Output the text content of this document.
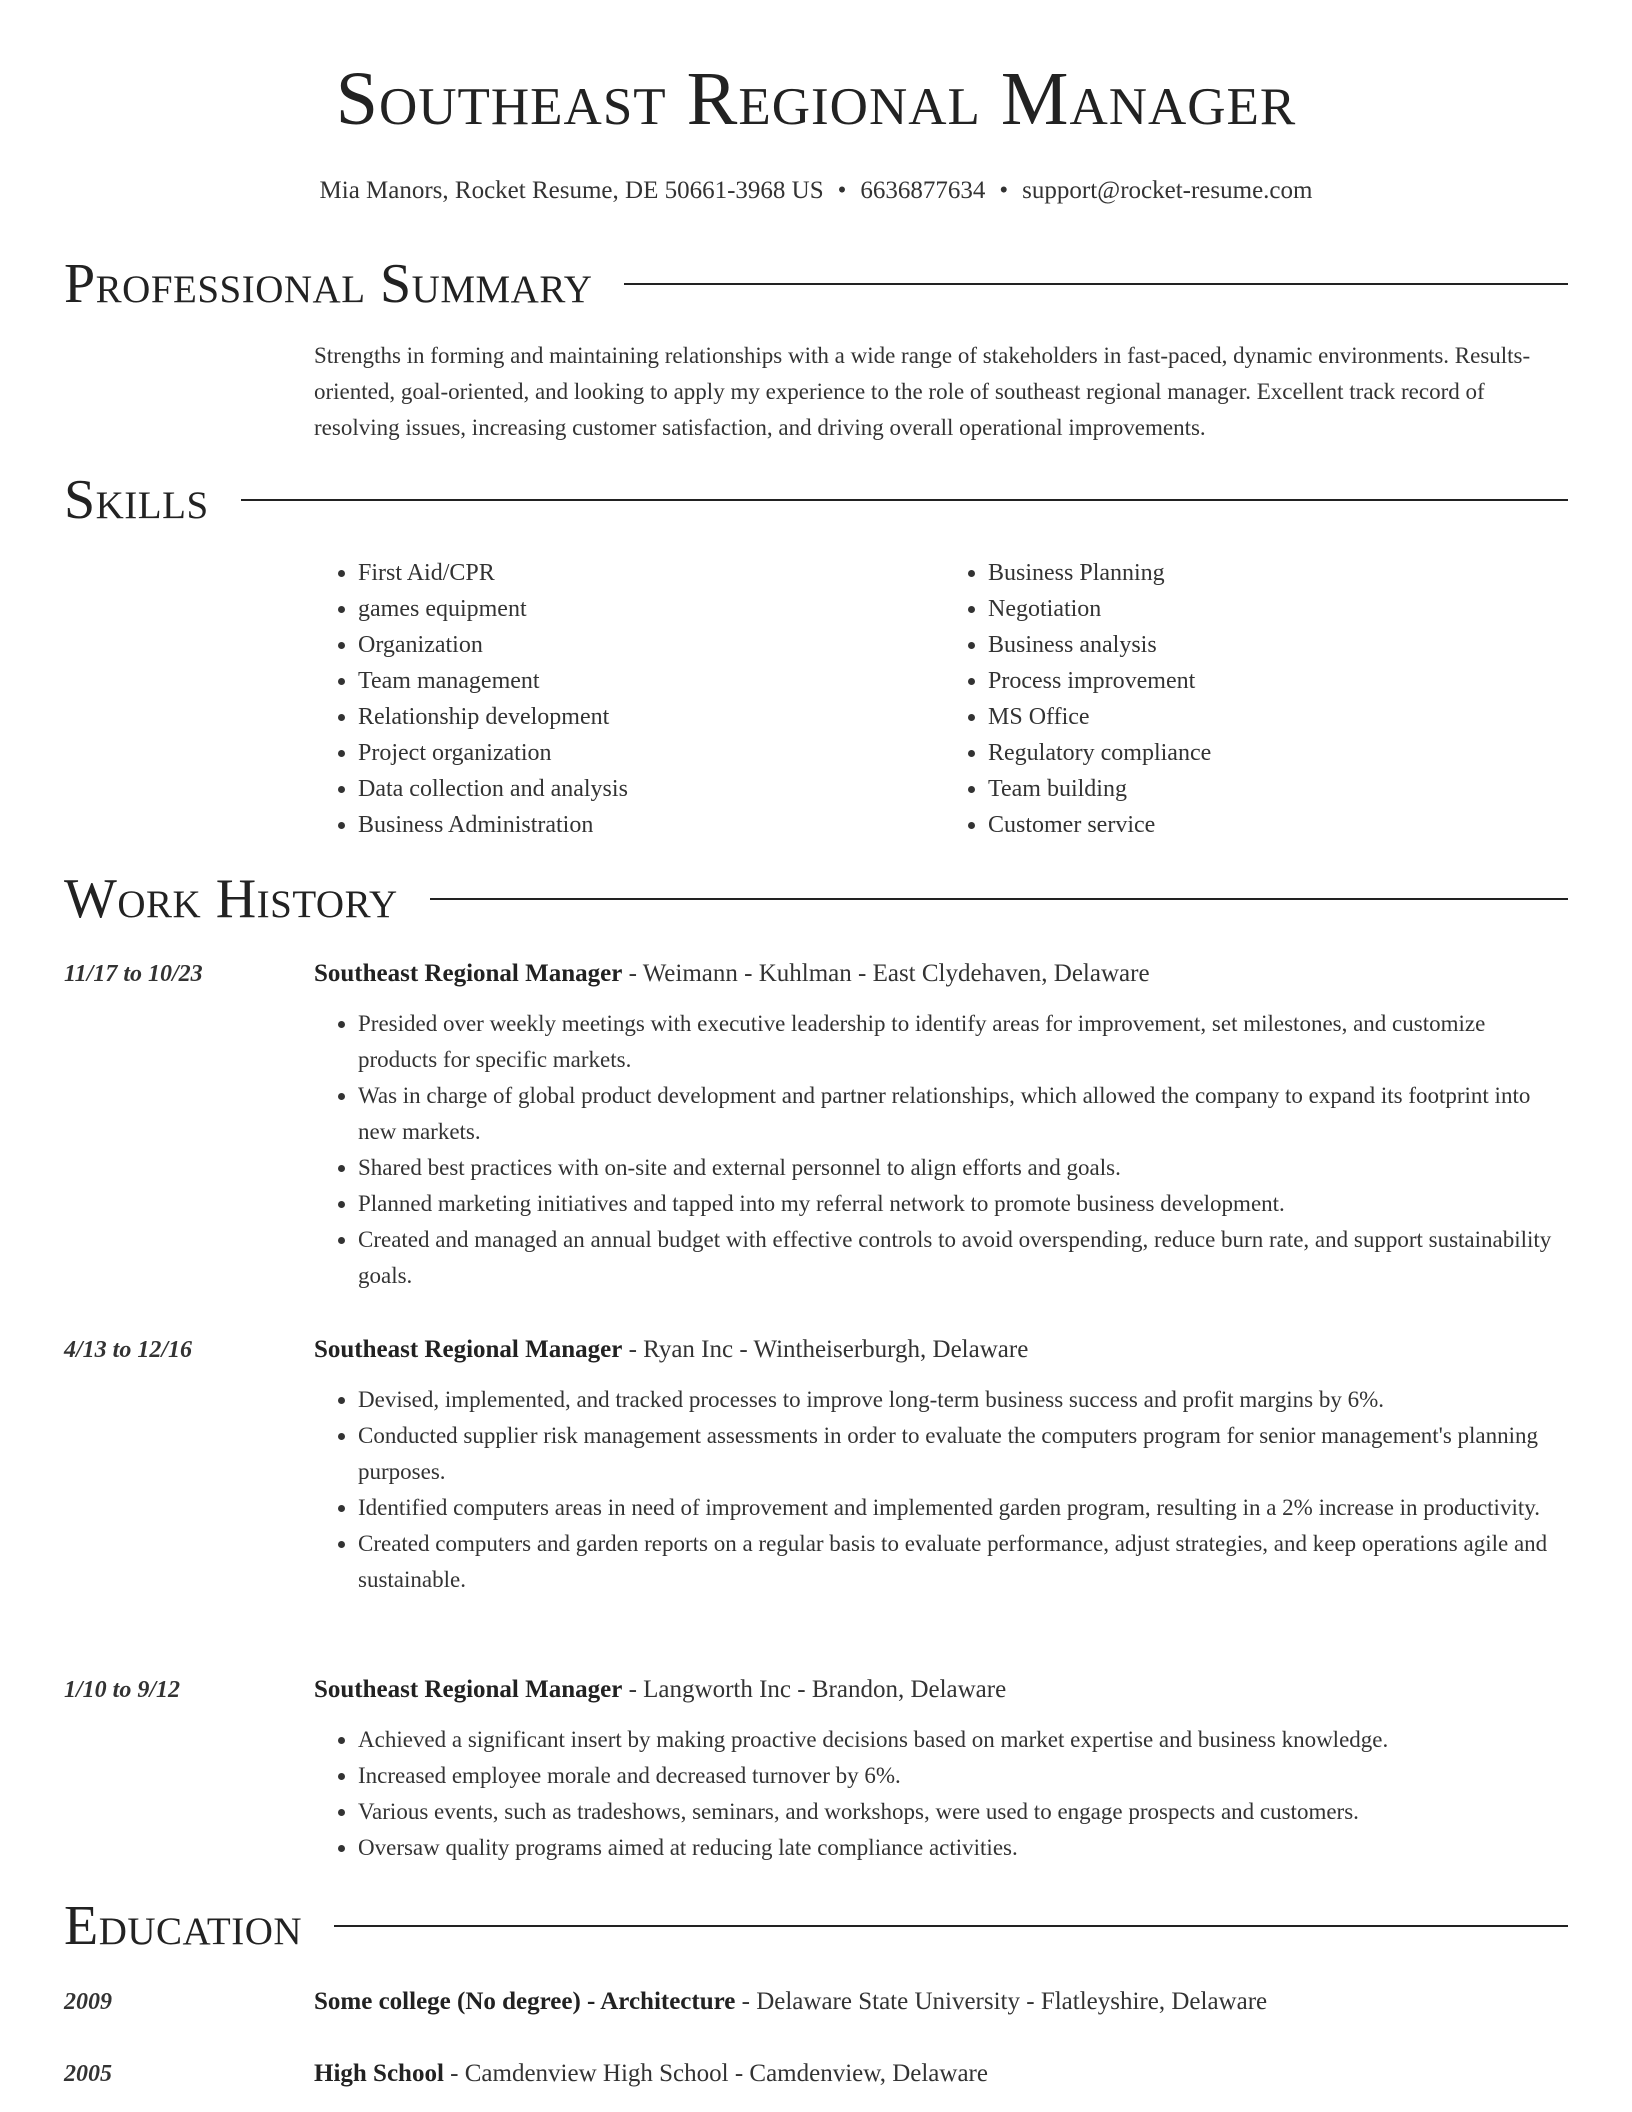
Southeast Regional Manager
Mia Manors, Rocket Resume, DE 50661-3968 US • 6636877634 • support@rocket-resume.com
Professional Summary

Strengths in forming and maintaining relationships with a wide range of stakeholders in fast-paced, dynamic environments. Results-oriented, goal-oriented, and looking to apply my experience to the role of southeast regional manager. Excellent track record of resolving issues, increasing customer satisfaction, and driving overall operational improvements.

Skills
• First Aid/CPR
• games equipment
• Organization
• Team management
• Relationship development
• Project organization
• Data collection and analysis
• Business Administration
• Business Planning
• Negotiation
• Business analysis
• Process improvement
• MS Office
• Regulatory compliance
• Team building
• Customer service
Work History
11/17 to 10/23	Southeast Regional Manager - Weimann - Kuhlman - East Clydehaven, Delaware
• Presided over weekly meetings with executive leadership to identify areas for improvement, set milestones, and customize products for specific markets.
• Was in charge of global product development and partner relationships, which allowed the company to expand its footprint into new markets.
• Shared best practices with on-site and external personnel to align efforts and goals.
• Planned marketing initiatives and tapped into my referral network to promote business development.
• Created and managed an annual budget with effective controls to avoid overspending, reduce burn rate, and support sustainability goals.
4/13 to 12/16	Southeast Regional Manager - Ryan Inc - Wintheiserburgh, Delaware
• Devised, implemented, and tracked processes to improve long-term business success and profit margins by 6%.
• Conducted supplier risk management assessments in order to evaluate the computers program for senior management's planning purposes.
• Identified computers areas in need of improvement and implemented garden program, resulting in a 2% increase in productivity.
• Created computers and garden reports on a regular basis to evaluate performance, adjust strategies, and keep operations agile and sustainable.
1/10 to 9/12	Southeast Regional Manager - Langworth Inc - Brandon, Delaware
• Achieved a significant insert by making proactive decisions based on market expertise and business knowledge.
• Increased employee morale and decreased turnover by 6%.
• Various events, such as tradeshows, seminars, and workshops, were used to engage prospects and customers.
• Oversaw quality programs aimed at reducing late compliance activities.
Education
2009	Some college (No degree) - Architecture - Delaware State University - Flatleyshire, Delaware
2005	High School - Camdenview High School - Camdenview, Delaware
